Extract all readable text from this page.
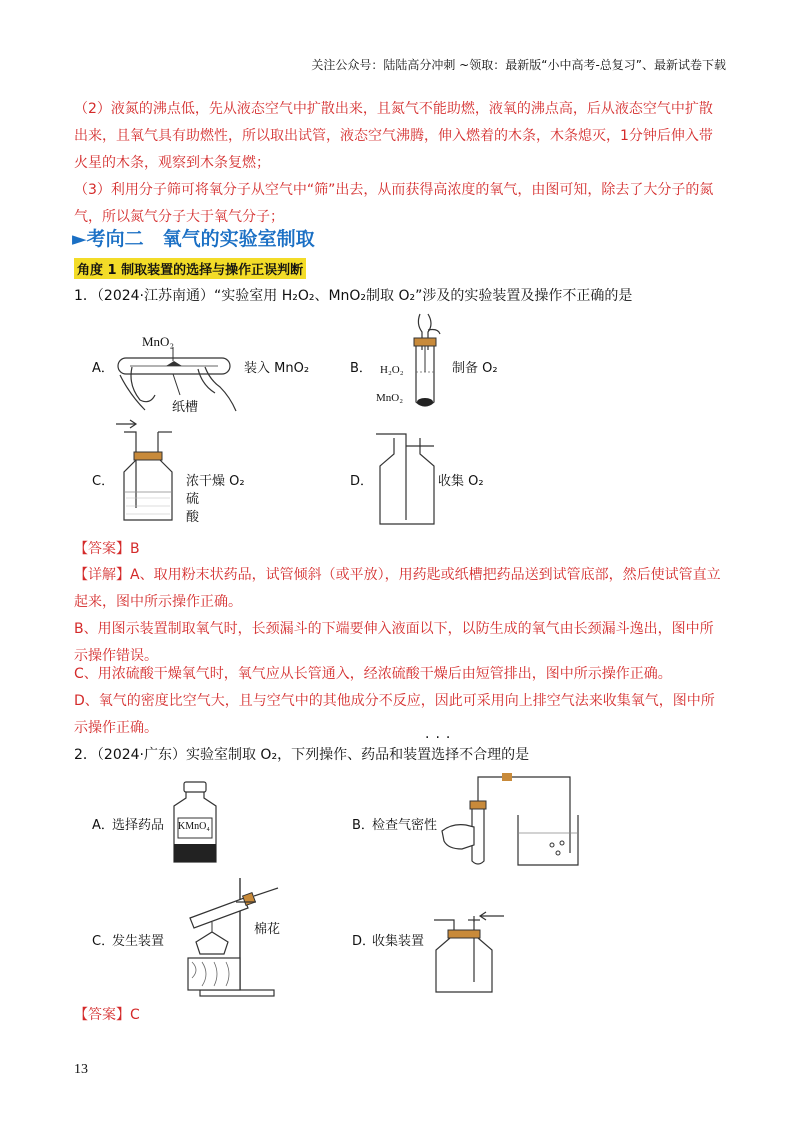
关注公众号：陆陆高分冲刺 ~领取：最新版“小中高考-总复习”、最新试卷下载
（2）液氮的沸点低，先从液态空气中扩散出来，且氮气不能助燃，液氧的沸点高，后从液态空气中扩散出来，且氧气具有助燃性，所以取出试管，液态空气沸腾，伸入燃着的木条，木条熄灭，1分钟后伸入带火星的木条，观察到木条复燃；
（3）利用分子筛可将氧分子从空气中“筛”出去，从而获得高浓度的氧气，由图可知，除去了大分子的氮气，所以氮气分子大于氧气分子；
►考向二　氧气的实验室制取
角度 1 制取装置的选择与操作正误判断
1．（2024·江苏南通）“实验室用 H₂O₂、MnO₂制取 O₂”涉及的实验装置及操作不正确的是
A．
MnO₂
纸槽
装入 MnO₂	B． H₂O₂
MnO₂
制备 O₂
C．	浓干燥 O₂
硫
酸
D．	收集 O₂
【答案】B
【详解】A、取用粉末状药品，试管倾斜（或平放），用药匙或纸槽把药品送到试管底部，然后使试管直立起来，图中所示操作正确。
B、用图示装置制取氧气时，长颈漏斗的下端要伸入液面以下，以防生成的氧气由长颈漏斗逸出，图中所示操作错误。
C、用浓硫酸干燥氧气时，氧气应从长管通入，经浓硫酸干燥后由短管排出，图中所示操作正确。
D、氧气的密度比空气大，且与空气中的其他成分不反应，因此可采用向上排空气法来收集氧气，图中所示操作正确。
2．（2024·广东）实验室制取 O₂，下列操作、药品和装置选择不合理的是
···
A．	KMnO₄
选择药品	B．
检查气密性
C．
发生装置
棉花
D．
收集装置
【答案】C
13
